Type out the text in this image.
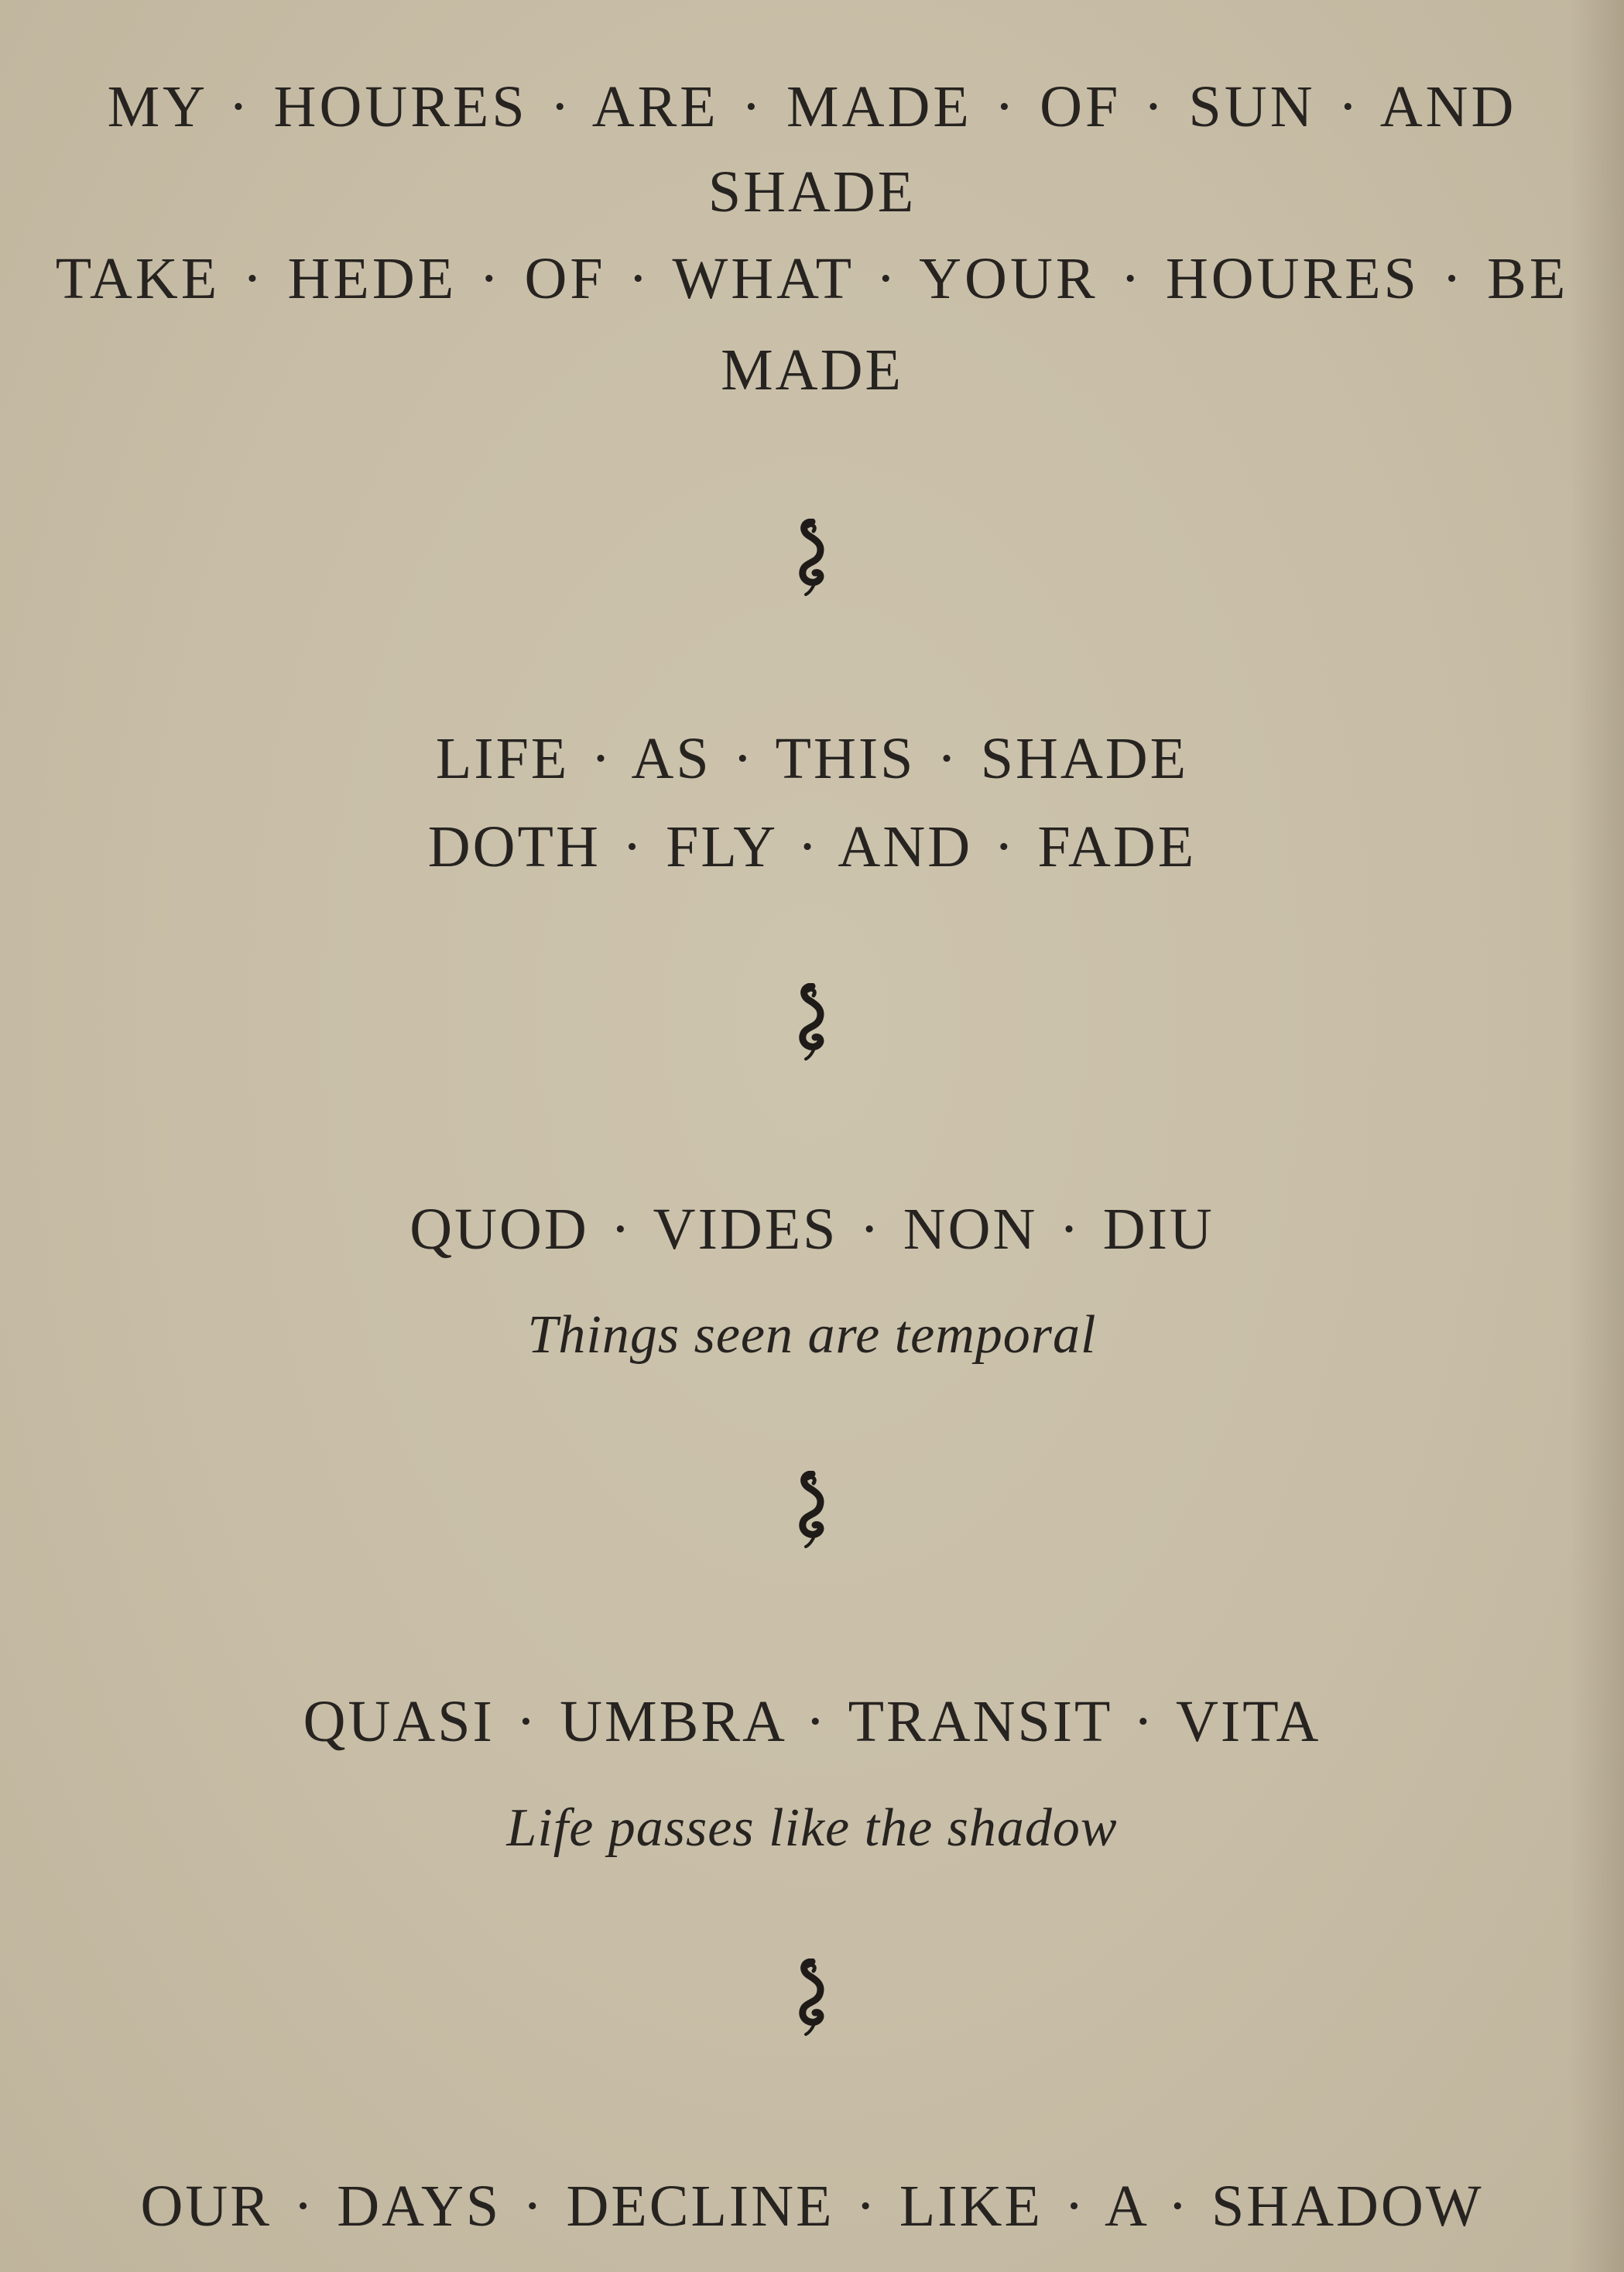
MY · HOURES · ARE · MADE · OF · SUN · AND
SHADE
TAKE · HEDE · OF · WHAT · YOUR · HOURES · BE
MADE
LIFE · AS · THIS · SHADE
DOTH · FLY · AND · FADE
QUOD · VIDES · NON · DIU
Things seen are temporal
QUASI · UMBRA · TRANSIT · VITA
Life passes like the shadow
OUR · DAYS · DECLINE · LIKE · A · SHADOW
